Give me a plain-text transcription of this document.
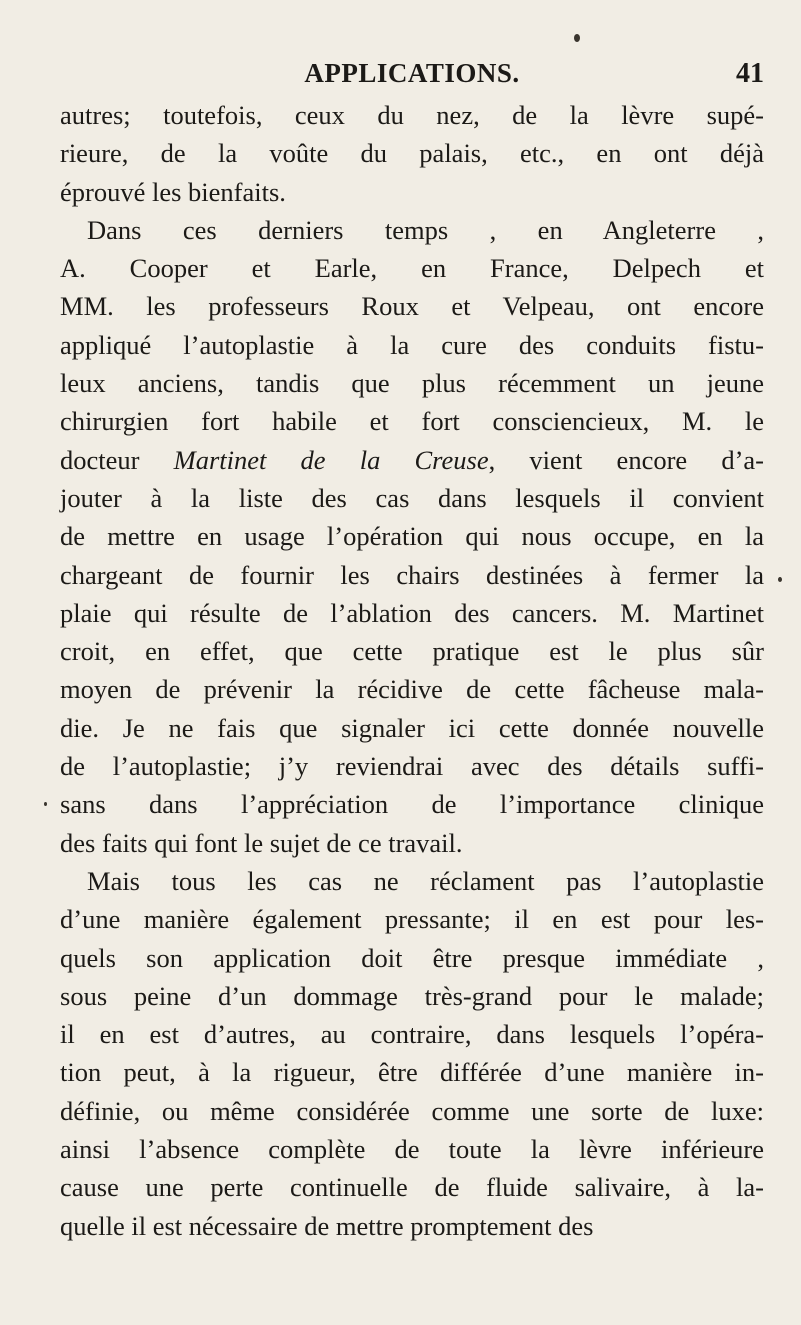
APPLICATIONS.	41
autres; toutefois, ceux du nez, de la lèvre supé-
rieure, de la voûte du palais, etc., en ont déjà
éprouvé les bienfaits.
Dans ces derniers temps , en Angleterre ,
A. Cooper et Earle, en France, Delpech et
MM. les professeurs Roux et Velpeau, ont encore
appliqué l’autoplastie à la cure des conduits fistu-
leux anciens, tandis que plus récemment un jeune
chirurgien fort habile et fort consciencieux, M. le
docteur Martinet de la Creuse, vient encore d’a-
jouter à la liste des cas dans lesquels il convient
de mettre en usage l’opération qui nous occupe, en la
chargeant de fournir les chairs destinées à fermer la
plaie qui résulte de l’ablation des cancers. M. Martinet
croit, en effet, que cette pratique est le plus sûr
moyen de prévenir la récidive de cette fâcheuse mala-
die. Je ne fais que signaler ici cette donnée nouvelle
de l’autoplastie; j’y reviendrai avec des détails suffi-
sans dans l’appréciation de l’importance clinique
des faits qui font le sujet de ce travail.
Mais tous les cas ne réclament pas l’autoplastie
d’une manière également pressante; il en est pour les-
quels son application doit être presque immédiate ,
sous peine d’un dommage très-grand pour le malade;
il en est d’autres, au contraire, dans lesquels l’opéra-
tion peut, à la rigueur, être différée d’une manière in-
définie, ou même considérée comme une sorte de luxe:
ainsi l’absence complète de toute la lèvre inférieure
cause une perte continuelle de fluide salivaire, à la-
quelle il est nécessaire de mettre promptement des
